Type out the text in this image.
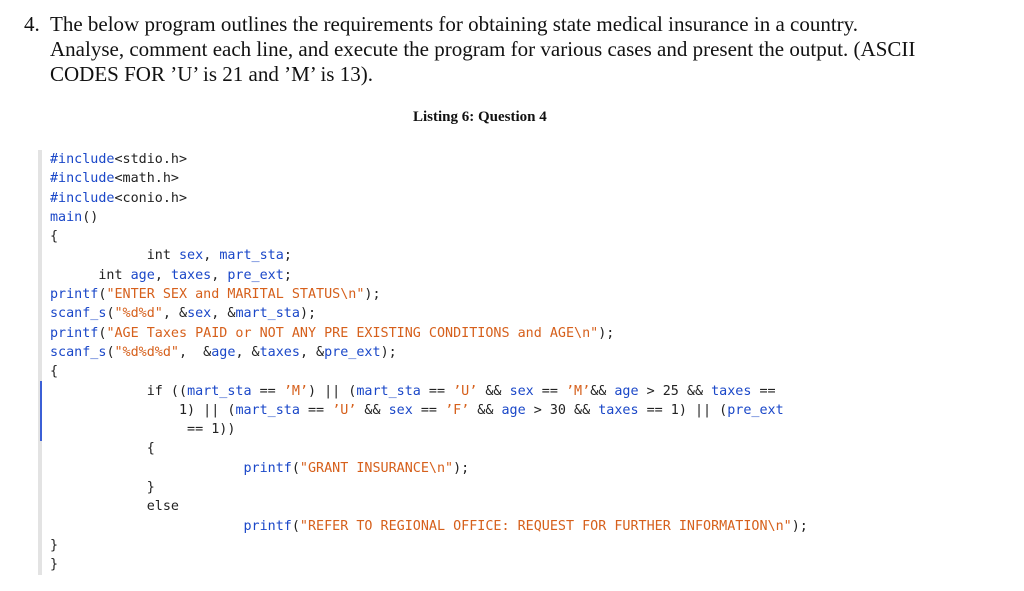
4. The below program outlines the requirements for obtaining state medical insurance in a country.
Analyse, comment each line, and execute the program for various cases and present the output. (ASCII
CODES FOR ’U’ is 21 and ’M’ is 13).
Listing 6: Question 4
#include<stdio.h>
#include<math.h>
#include<conio.h>
main()
{
int sex, mart_sta;
int age, taxes, pre_ext;
printf("ENTER SEX and MARITAL STATUS\n");
scanf_s("%d%d", &sex, &mart_sta);
printf("AGE Taxes PAID or NOT ANY PRE EXISTING CONDITIONS and AGE\n");
scanf_s("%d%d%d",  &age, &taxes, &pre_ext);
{
if ((mart_sta == ’M’) || (mart_sta == ’U’ && sex == ’M’&& age > 25 && taxes ==
1) || (mart_sta == ’U’ && sex == ’F’ && age > 30 && taxes == 1) || (pre_ext
== 1))
{
printf("GRANT INSURANCE\n");
}
else
printf("REFER TO REGIONAL OFFICE: REQUEST FOR FURTHER INFORMATION\n");
}
}
